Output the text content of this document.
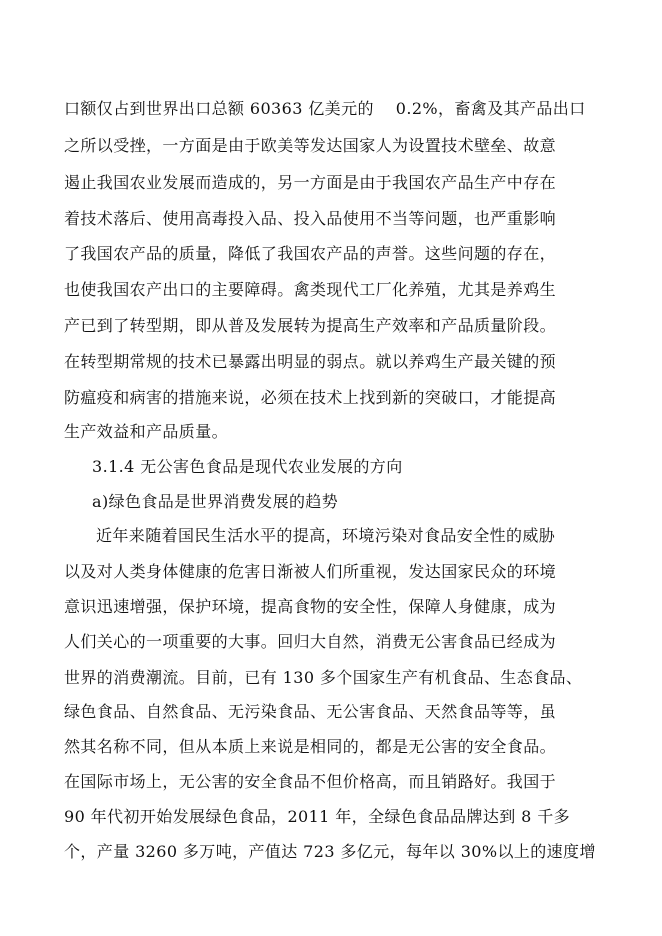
口额仅占到世界出口总额 60363 亿美元的　 0.2%，畜禽及其产品出口
之所以受挫，一方面是由于欧美等发达国家人为设置技术壁垒、故意
遏止我国农业发展而造成的，另一方面是由于我国农产品生产中存在
着技术落后、使用高毒投入品、投入品使用不当等问题，也严重影响
了我国农产品的质量，降低了我国农产品的声誉。这些问题的存在，
也使我国农产出口的主要障碍。禽类现代工厂化养殖，尤其是养鸡生
产已到了转型期，即从普及发展转为提高生产效率和产品质量阶段。
在转型期常规的技术已暴露出明显的弱点。就以养鸡生产最关键的预
防瘟疫和病害的措施来说，必须在技术上找到新的突破口，才能提高
生产效益和产品质量。
3.1.4 无公害色食品是现代农业发展的方向
a)绿色食品是世界消费发展的趋势
近年来随着国民生活水平的提高，环境污染对食品安全性的威胁
以及对人类身体健康的危害日渐被人们所重视，发达国家民众的环境
意识迅速增强，保护环境，提高食物的安全性，保障人身健康，成为
人们关心的一项重要的大事。回归大自然，消费无公害食品已经成为
世界的消费潮流。目前，已有 130 多个国家生产有机食品、生态食品、
绿色食品、自然食品、无污染食品、无公害食品、天然食品等等，虽
然其名称不同，但从本质上来说是相同的，都是无公害的安全食品。
在国际市场上，无公害的安全食品不但价格高，而且销路好。我国于
90 年代初开始发展绿色食品，2011 年，全绿色食品品牌达到 8 千多
个，产量 3260 多万吨，产值达 723 多亿元，每年以 30%以上的速度增
